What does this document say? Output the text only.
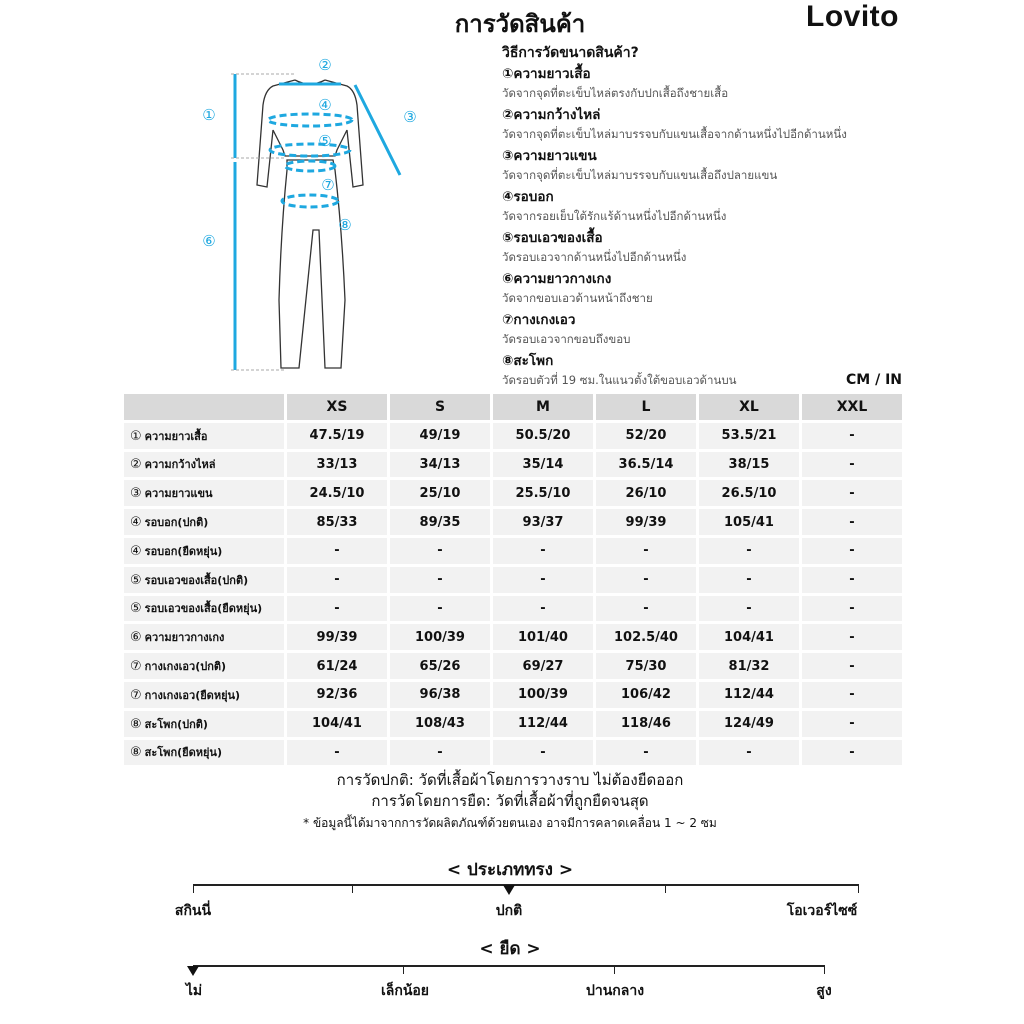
การวัดสินค้า	Lovito
①
②
③
④
⑤
⑥
⑦
⑧
วิธีการวัดขนาดสินค้า?
①ความยาวเสื้อ
วัดจากจุดที่ตะเข็บไหล่ตรงกับปกเสื้อถึงชายเสื้อ
②ความกว้างไหล่
วัดจากจุดที่ตะเข็บไหล่มาบรรจบกับแขนเสื้อจากด้านหนึ่งไปอีกด้านหนึ่ง
③ความยาวแขน
วัดจากจุดที่ตะเข็บไหล่มาบรรจบกับแขนเสื้อถึงปลายแขน
④รอบอก
วัดจากรอยเย็บใต้รักแร้ด้านหนึ่งไปอีกด้านหนึ่ง
⑤รอบเอวของเสื้อ
วัดรอบเอวจากด้านหนึ่งไปอีกด้านหนึ่ง
⑥ความยาวกางเกง
วัดจากขอบเอวด้านหน้าถึงชาย
⑦กางเกงเอว
วัดรอบเอวจากขอบถึงขอบ
⑧สะโพก
วัดรอบตัวที่ 19 ซม.ในแนวตั้งใต้ขอบเอวด้านบน	CM / IN
	XS	S	M	L	XL	XXL
① ความยาวเสื้อ	47.5/19	49/19	50.5/20	52/20	53.5/21	-
② ความกว้างไหล่	33/13	34/13	35/14	36.5/14	38/15	-
③ ความยาวแขน	24.5/10	25/10	25.5/10	26/10	26.5/10	-
④ รอบอก(ปกติ)	85/33	89/35	93/37	99/39	105/41	-
④ รอบอก(ยืดหยุ่น)	-	-	-	-	-	-
⑤ รอบเอวของเสื้อ(ปกติ)	-	-	-	-	-	-
⑤ รอบเอวของเสื้อ(ยืดหยุ่น)	-	-	-	-	-	-
⑥ ความยาวกางเกง	99/39	100/39	101/40	102.5/40	104/41	-
⑦ กางเกงเอว(ปกติ)	61/24	65/26	69/27	75/30	81/32	-
⑦ กางเกงเอว(ยืดหยุ่น)	92/36	96/38	100/39	106/42	112/44	-
⑧ สะโพก(ปกติ)	104/41	108/43	112/44	118/46	124/49	-
⑧ สะโพก(ยืดหยุ่น)	-	-	-	-	-	-
การวัดปกติ: วัดที่เสื้อผ้าโดยการวางราบ ไม่ต้องยืดออก
การวัดโดยการยืด: วัดที่เสื้อผ้าที่ถูกยืดจนสุด
* ข้อมูลนี้ได้มาจากการวัดผลิตภัณฑ์ด้วยตนเอง อาจมีการคลาดเคลื่อน 1 ~ 2 ซม
< ประเภททรง >
สกินนี่	ปกติ	โอเวอร์ไซซ์
< ยืด >
ไม่	เล็กน้อย	ปานกลาง	สูง
